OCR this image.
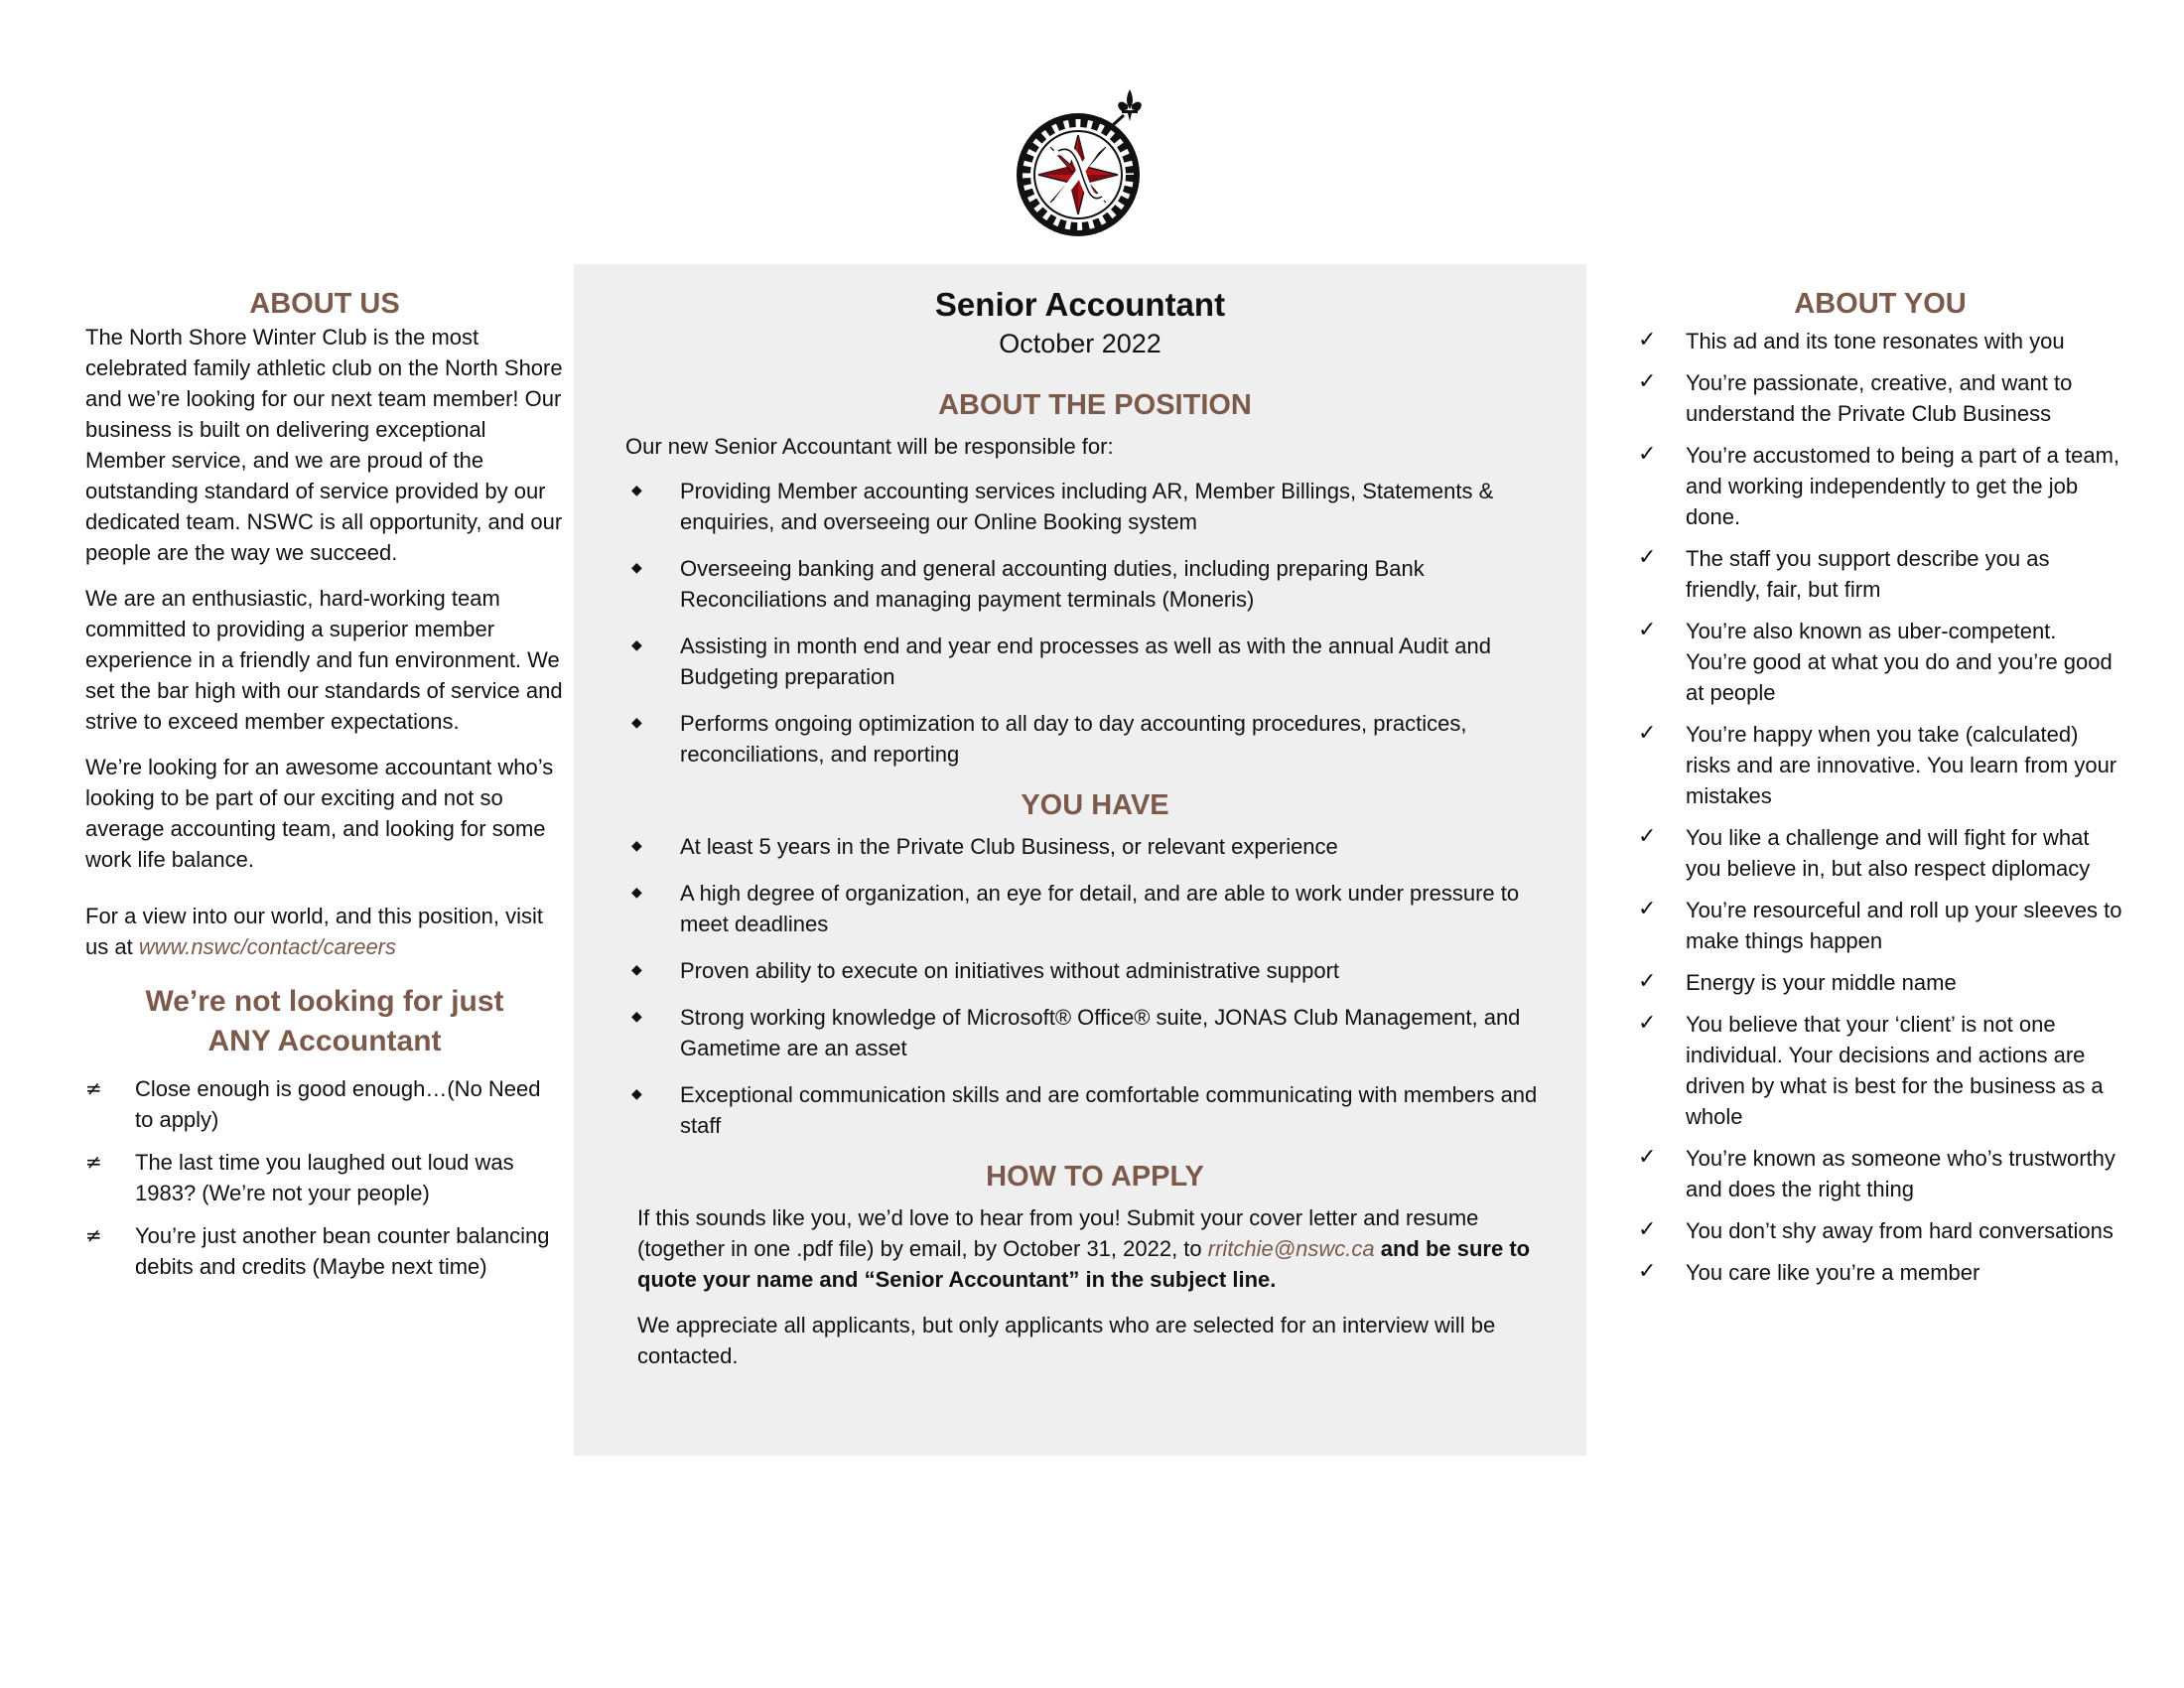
ABOUT US

The North Shore Winter Club is the most celebrated family athletic club on the North Shore and we’re looking for our next team member! Our business is built on delivering exceptional Member service, and we are proud of the outstanding standard of service provided by our dedicated team. NSWC is all opportunity, and our people are the way we succeed.

We are an enthusiastic, hard-working team committed to providing a superior member experience in a friendly and fun environment. We set the bar high with our standards of service and strive to exceed member expectations.

We’re looking for an awesome accountant who’s looking to be part of our exciting and not so average accounting team, and looking for some work life balance.

For a view into our world, and this position, visit us at www.nswc/contact/careers

We’re not looking for just
ANY Accountant
≠ Close enough is good enough…(No Need to apply)
≠ The last time you laughed out loud was 1983? (We’re not your people)
≠ You’re just another bean counter balancing debits and credits (Maybe next time)
Senior Accountant
October 2022
ABOUT THE POSITION

Our new Senior Accountant will be responsible for:

◆ Providing Member accounting services including AR, Member Billings, Statements & enquiries, and overseeing our Online Booking system
◆ Overseeing banking and general accounting duties, including preparing Bank Reconciliations and managing payment terminals (Moneris)
◆ Assisting in month end and year end processes as well as with the annual Audit and Budgeting preparation
◆ Performs ongoing optimization to all day to day accounting procedures, practices, reconciliations, and reporting
YOU HAVE
◆ At least 5 years in the Private Club Business, or relevant experience
◆ A high degree of organization, an eye for detail, and are able to work under pressure to meet deadlines
◆ Proven ability to execute on initiatives without administrative support
◆ Strong working knowledge of Microsoft® Office® suite, JONAS Club Management, and Gametime are an asset
◆ Exceptional communication skills and are comfortable communicating with members and staff
HOW TO APPLY

If this sounds like you, we’d love to hear from you! Submit your cover letter and resume (together in one .pdf file) by email, by October 31, 2022, to rritchie@nswc.ca and be sure to quote your name and “Senior Accountant” in the subject line.

We appreciate all applicants, but only applicants who are selected for an interview will be contacted.

ABOUT YOU
✓ This ad and its tone resonates with you
✓ You’re passionate, creative, and want to understand the Private Club Business
✓ You’re accustomed to being a part of a team, and working independently to get the job done.
✓ The staff you support describe you as friendly, fair, but firm
✓ You’re also known as uber-competent. You’re good at what you do and you’re good at people
✓ You’re happy when you take (calculated) risks and are innovative. You learn from your mistakes
✓ You like a challenge and will fight for what you believe in, but also respect diplomacy
✓ You’re resourceful and roll up your sleeves to make things happen
✓ Energy is your middle name
✓ You believe that your ‘client’ is not one individual. Your decisions and actions are driven by what is best for the business as a whole
✓ You’re known as someone who’s trustworthy and does the right thing
✓ You don’t shy away from hard conversations
✓ You care like you’re a member
